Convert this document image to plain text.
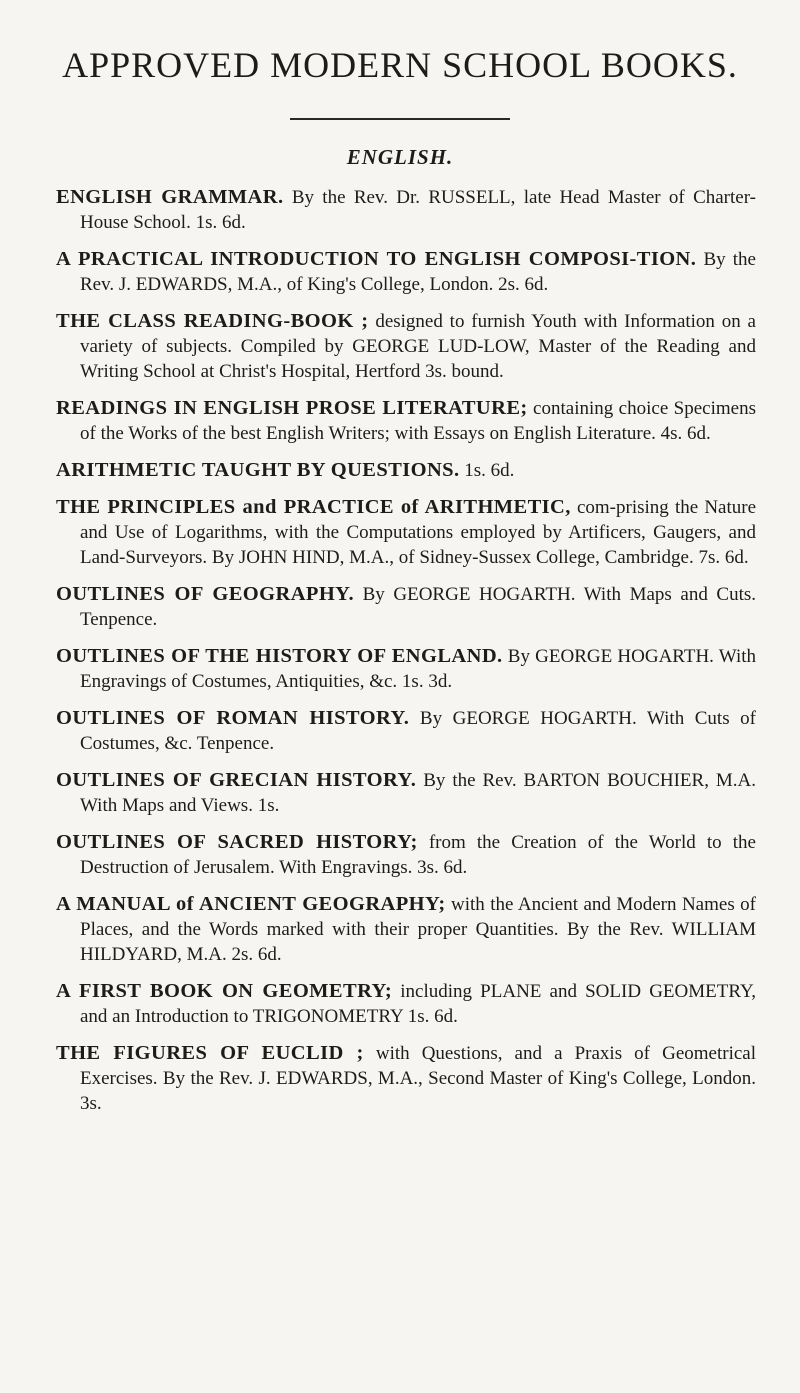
APPROVED MODERN SCHOOL BOOKS.
ENGLISH.

ENGLISH GRAMMAR. By the Rev. Dr. RUSSELL, late Head Master of Charter-House School. 1s. 6d.

A PRACTICAL INTRODUCTION TO ENGLISH COMPOSI-TION. By the Rev. J. EDWARDS, M.A., of King's College, London. 2s. 6d.

THE CLASS READING-BOOK ; designed to furnish Youth with Information on a variety of subjects. Compiled by GEORGE LUD-LOW, Master of the Reading and Writing School at Christ's Hospital, Hertford 3s. bound.

READINGS IN ENGLISH PROSE LITERATURE; containing choice Specimens of the Works of the best English Writers; with Essays on English Literature. 4s. 6d.

ARITHMETIC TAUGHT BY QUESTIONS. 1s. 6d.

THE PRINCIPLES and PRACTICE of ARITHMETIC, com-prising the Nature and Use of Logarithms, with the Computations employed by Artificers, Gaugers, and Land-Surveyors. By JOHN HIND, M.A., of Sidney-Sussex College, Cambridge. 7s. 6d.

OUTLINES OF GEOGRAPHY. By GEORGE HOGARTH. With Maps and Cuts. Tenpence.

OUTLINES OF THE HISTORY OF ENGLAND. By GEORGE HOGARTH. With Engravings of Costumes, Antiquities, &c. 1s. 3d.

OUTLINES OF ROMAN HISTORY. By GEORGE HOGARTH. With Cuts of Costumes, &c. Tenpence.

OUTLINES OF GRECIAN HISTORY. By the Rev. BARTON BOUCHIER, M.A. With Maps and Views. 1s.

OUTLINES OF SACRED HISTORY; from the Creation of the World to the Destruction of Jerusalem. With Engravings. 3s. 6d.

A MANUAL of ANCIENT GEOGRAPHY; with the Ancient and Modern Names of Places, and the Words marked with their proper Quantities. By the Rev. WILLIAM HILDYARD, M.A. 2s. 6d.

A FIRST BOOK ON GEOMETRY; including PLANE and SOLID GEOMETRY, and an Introduction to TRIGONOMETRY 1s. 6d.

THE FIGURES OF EUCLID ; with Questions, and a Praxis of Geometrical Exercises. By the Rev. J. EDWARDS, M.A., Second Master of King's College, London. 3s.
